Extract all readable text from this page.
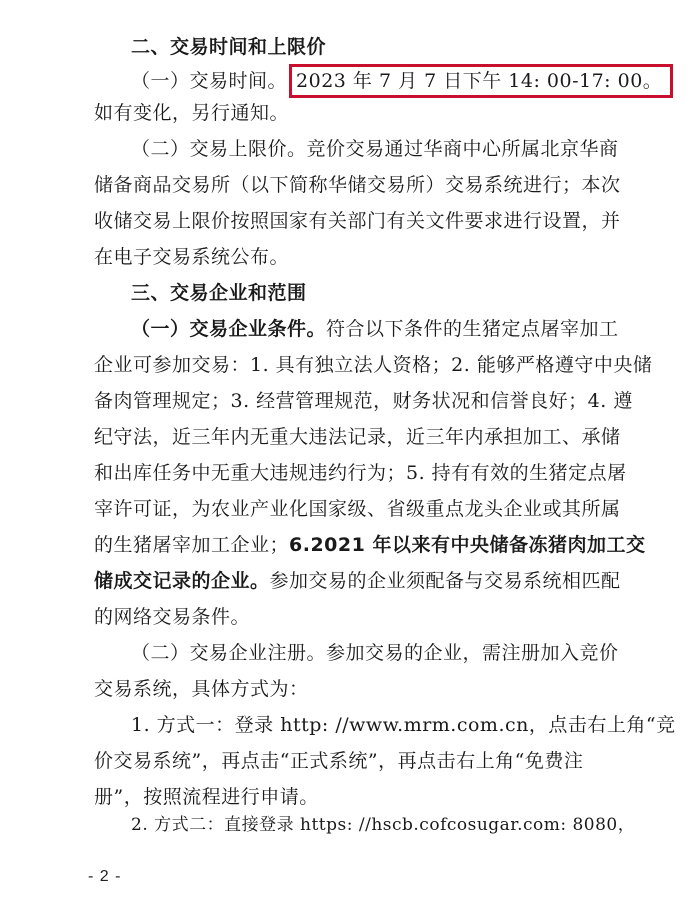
二、交易时间和上限价
（一）交易时间。 2023 年 7 月 7 日下午 14: 00-17: 00。
如有变化，另行通知。
（二）交易上限价。竞价交易通过华商中心所属北京华商
储备商品交易所（以下简称华储交易所）交易系统进行；本次
收储交易上限价按照国家有关部门有关文件要求进行设置，并
在电子交易系统公布。
三、交易企业和范围
（一）交易企业条件。符合以下条件的生猪定点屠宰加工
企业可参加交易：1. 具有独立法人资格；2. 能够严格遵守中央储
备肉管理规定；3. 经营管理规范，财务状况和信誉良好；4. 遵
纪守法，近三年内无重大违法记录，近三年内承担加工、承储
和出库任务中无重大违规违约行为；5. 持有有效的生猪定点屠
宰许可证，为农业产业化国家级、省级重点龙头企业或其所属
的生猪屠宰加工企业；6.2021 年以来有中央储备冻猪肉加工交
储成交记录的企业。参加交易的企业须配备与交易系统相匹配
的网络交易条件。
（二）交易企业注册。参加交易的企业，需注册加入竞价
交易系统，具体方式为：
1. 方式一：登录 http: //www.mrm.com.cn，点击右上角“竞
价交易系统”，再点击“正式系统”，再点击右上角“免费注
册”，按照流程进行申请。
2. 方式二：直接登录 https: //hscb.cofcosugar.com: 8080，
- 2 -
